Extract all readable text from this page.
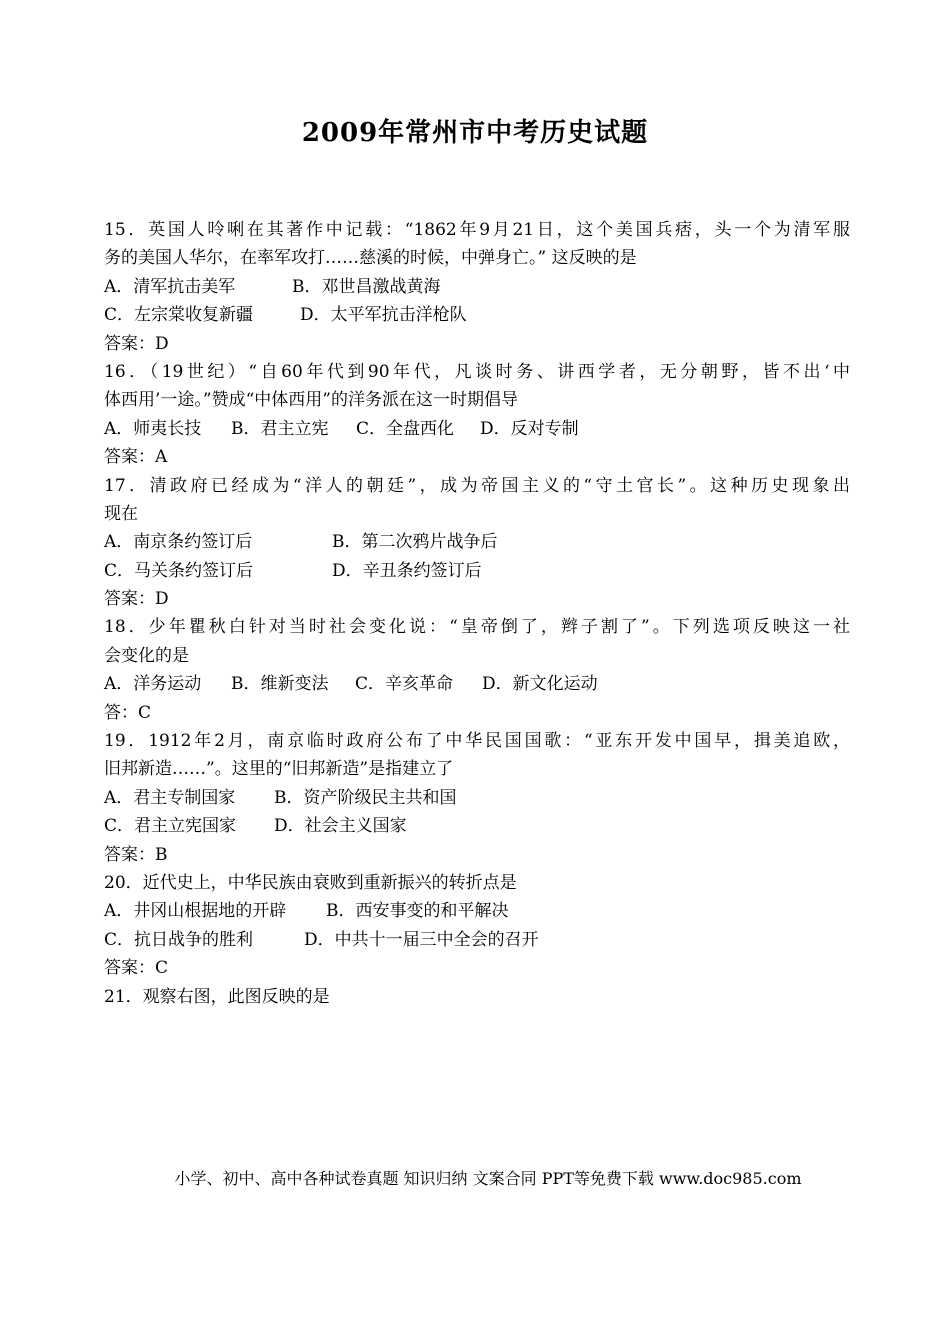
2009年常州市中考历史试题
15．英国人呤唎在其著作中记载：“1862年9月21日，这个美国兵痞，头一个为清军服
务的美国人华尔，在率军攻打……慈溪的时候，中弹身亡。” 这反映的是
A．清军抗击美军	B．邓世昌激战黄海
C．左宗棠收复新疆	D．太平军抗击洋枪队
答案：D
16．（19世纪）“自60年代到90年代，凡谈时务、讲西学者，无分朝野，皆不出‘中
体西用’一途。”赞成“中体西用”的洋务派在这一时期倡导
A．师夷长技 B．君主立宪 C．全盘西化 D．反对专制
答案：A
17．清政府已经成为“洋人的朝廷”，成为帝国主义的“守土官长”。这种历史现象出
现在
A．南京条约签订后	B．第二次鸦片战争后
C．马关条约签订后	D．辛丑条约签订后
答案：D
18．少年瞿秋白针对当时社会变化说：“皇帝倒了，辫子割了”。下列选项反映这一社
会变化的是
A．洋务运动 B．维新变法 C．辛亥革命 D．新文化运动
答：C
19．1912年2月，南京临时政府公布了中华民国国歌：“亚东开发中国早，揖美追欧，
旧邦新造……”。这里的“旧邦新造”是指建立了
A．君主专制国家 B．资产阶级民主共和国
C．君主立宪国家 D．社会主义国家
答案：B
20．近代史上，中华民族由衰败到重新振兴的转折点是
A．井冈山根据地的开辟 B．西安事变的和平解决
C．抗日战争的胜利	D．中共十一届三中全会的召开
答案：C
21．观察右图，此图反映的是
小学、初中、高中各种试卷真题 知识归纳 文案合同 PPT等免费下载 www.doc985.com
